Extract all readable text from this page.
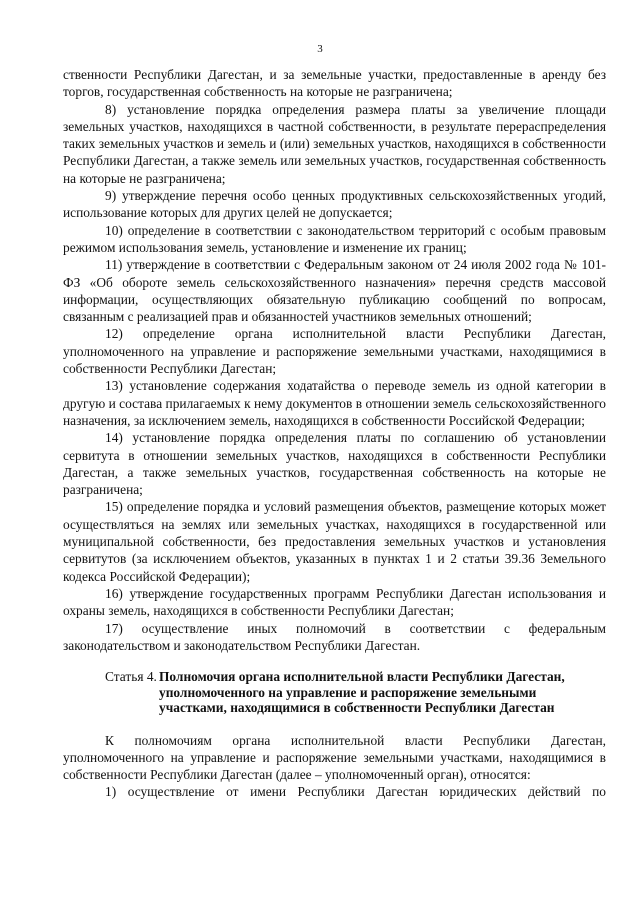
3

ственности Республики Дагестан, и за земельные участки, предоставленные в аренду без торгов, государственная собственность на которые не разграничена;

8) установление порядка определения размера платы за увеличение площади земельных участков, находящихся в частной собственности, в результате перераспределения таких земельных участков и земель и (или) земельных участков, находящихся в собственности Республики Дагестан, а также земель или земельных участков, государственная собственность на которые не разграничена;

9) утверждение перечня особо ценных продуктивных сельскохозяйственных угодий, использование которых для других целей не допускается;

10) определение в соответствии с законодательством территорий с особым правовым режимом использования земель, установление и изменение их границ;

11) утверждение в соответствии с Федеральным законом от 24 июля 2002 года № 101-ФЗ «Об обороте земель сельскохозяйственного назначения» перечня средств массовой информации, осуществляющих обязательную публикацию сообщений по вопросам, связанным с реализацией прав и обязанностей участников земельных отношений;

12) определение органа исполнительной власти Республики Дагестан, уполномоченного на управление и распоряжение земельными участками, находящимися в собственности Республики Дагестан;

13) установление содержания ходатайства о переводе земель из одной категории в другую и состава прилагаемых к нему документов в отношении земель сельскохозяйственного назначения, за исключением земель, находящихся в собственности Российской Федерации;

14) установление порядка определения платы по соглашению об установлении сервитута в отношении земельных участков, находящихся в собственности Республики Дагестан, а также земельных участков, государственная собственность на которые не разграничена;

15) определение порядка и условий размещения объектов, размещение которых может осуществляться на землях или земельных участках, находящихся в государственной или муниципальной собственности, без предоставления земельных участков и установления сервитутов (за исключением объектов, указанных в пунктах 1 и 2 статьи 39.36 Земельного кодекса Российской Федерации);

16) утверждение государственных программ Республики Дагестан использования и охраны земель, находящихся в собственности Республики Дагестан;

17) осуществление иных полномочий в соответствии с федеральным законодательством и законодательством Республики Дагестан.

Статья 4. Полномочия органа исполнительной власти Республики Дагестан, уполномоченного на управление и распоряжение земельными участками, находящимися в собственности Республики Дагестан

К полномочиям органа исполнительной власти Республики Дагестан, уполномоченного на управление и распоряжение земельными участками, находящимися в собственности Республики Дагестан (далее – уполномоченный орган), относятся:

1) осуществление от имени Республики Дагестан юридических действий по
